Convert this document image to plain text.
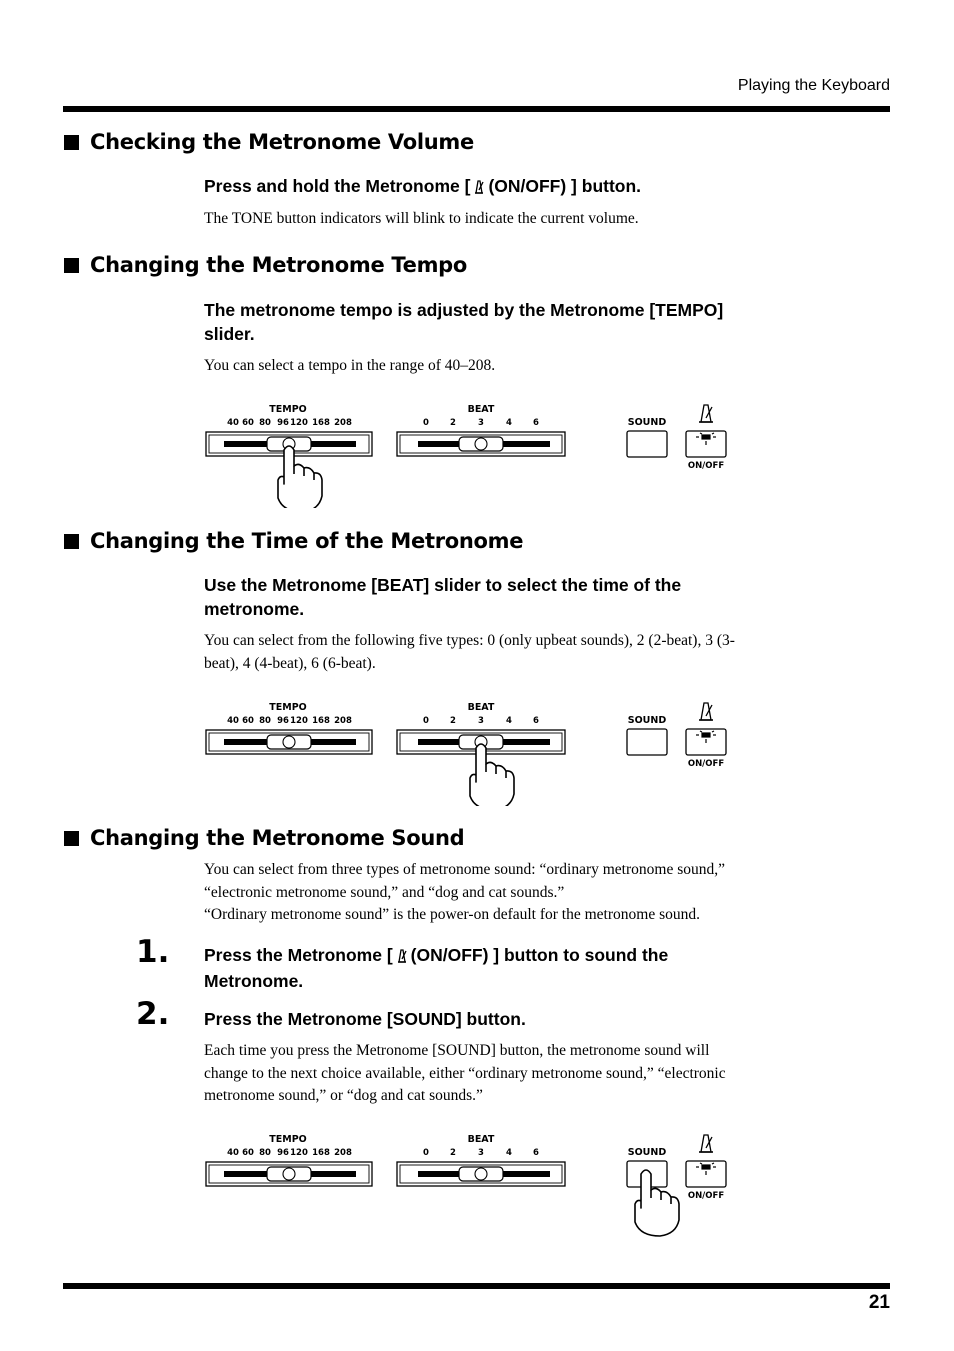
Playing the Keyboard
Checking the Metronome Volume
Press and hold the Metronome [ (ON/OFF) ] button.
The TONE button indicators will blink to indicate the current volume.
Changing the Metronome Tempo
The metronome tempo is adjusted by the Metronome [TEMPO]
slider.
You can select a tempo in the range of 40–208.
TEMPO
40 60 80 96 120 168 208
BEAT
0 2	3	4 6	SOUND
ON/OFF
Changing the Time of the Metronome
Use the Metronome [BEAT] slider to select the time of the
metronome.
You can select from the following five types: 0 (only upbeat sounds), 2 (2-beat), 3 (3-
beat), 4 (4-beat), 6 (6-beat).
TEMPO
40 60 80 96 120 168 208
BEAT
0 2	3	4 6	SOUND
ON/OFF
Changing the Metronome Sound
You can select from three types of metronome sound: “ordinary metronome sound,”
“electronic metronome sound,” and “dog and cat sounds.”
“Ordinary metronome sound” is the power-on default for the metronome sound.
1. Press the Metronome [ (ON/OFF) ] button to sound the
Metronome.
2. Press the Metronome [SOUND] button.
Each time you press the Metronome [SOUND] button, the metronome sound will
change to the next choice available, either “ordinary metronome sound,” “electronic
metronome sound,” or “dog and cat sounds.”
TEMPO
40 60 80 96 120 168 208
BEAT
0 2	3	4 6	SOUND
ON/OFF
21
